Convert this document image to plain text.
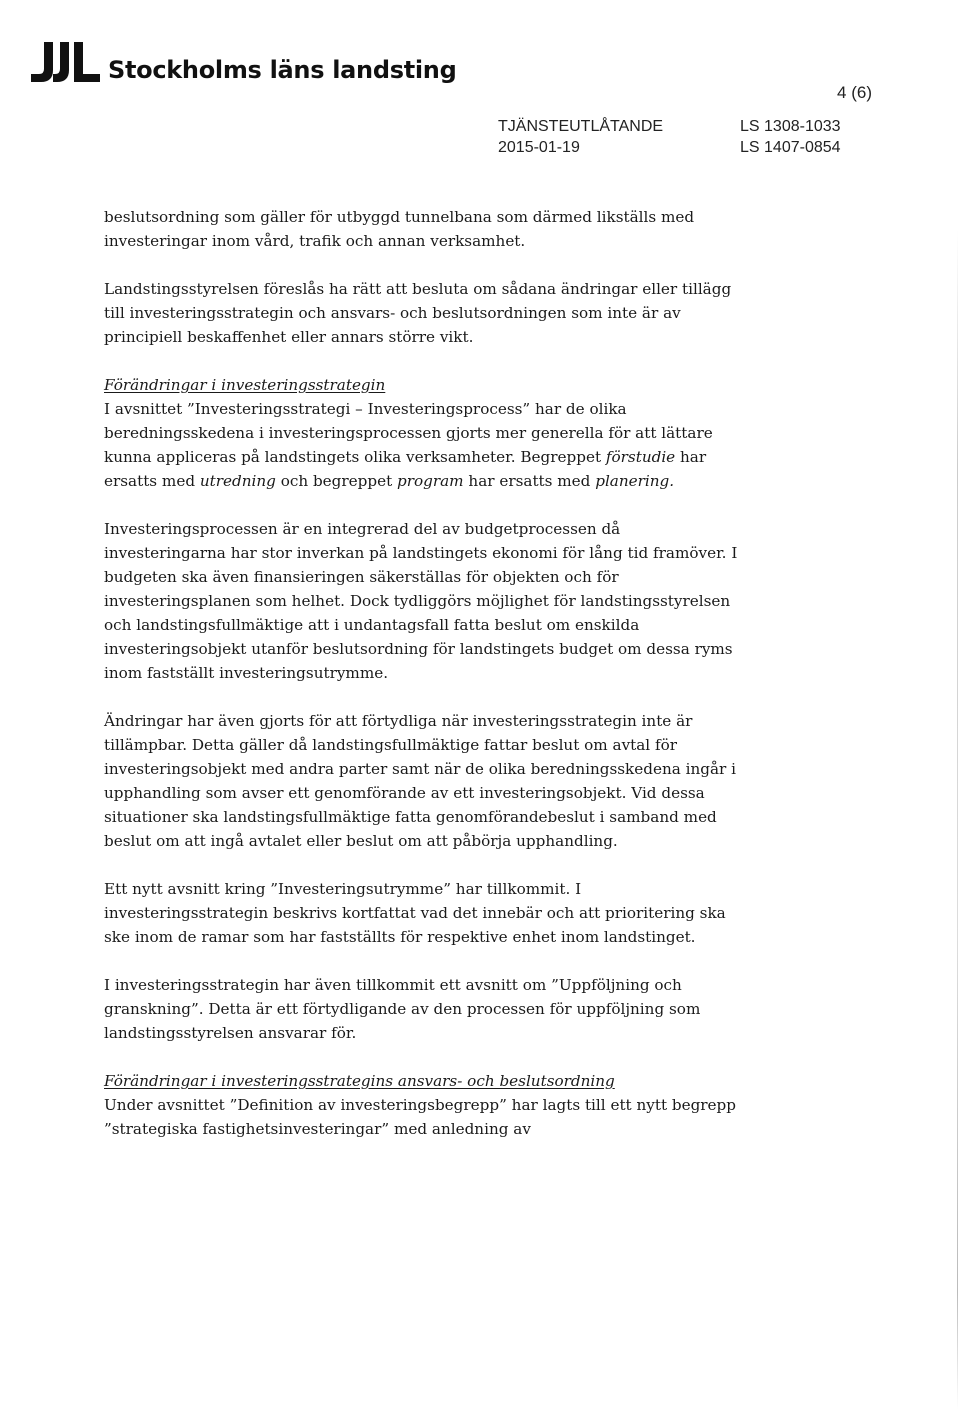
Stockholms läns landsting
4 (6)
TJÄNSTEUTLÅTANDE
2015-01-19
LS 1308-1033
LS 1407-0854

beslutsordning som gäller för utbyggd tunnelbana som därmed likställs med investeringar inom vård, trafik och annan verksamhet.

Landstingsstyrelsen föreslås ha rätt att besluta om sådana ändringar eller tillägg till investeringsstrategin och ansvars- och beslutsordningen som inte är av principiell beskaffenhet eller annars större vikt.

Förändringar i investeringsstrategin
I avsnittet ”Investeringsstrategi – Investeringsprocess” har de olika beredningsskedena i investeringsprocessen gjorts mer generella för att lättare kunna appliceras på landstingets olika verksamheter. Begreppet förstudie har ersatts med utredning och begreppet program har ersatts med planering.

Investeringsprocessen är en integrerad del av budgetprocessen då investeringarna har stor inverkan på landstingets ekonomi för lång tid framöver. I budgeten ska även finansieringen säkerställas för objekten och för investeringsplanen som helhet. Dock tydliggörs möjlighet för landstingsstyrelsen och landstingsfullmäktige att i undantagsfall fatta beslut om enskilda investeringsobjekt utanför beslutsordning för landstingets budget om dessa ryms inom fastställt investeringsutrymme.

Ändringar har även gjorts för att förtydliga när investeringsstrategin inte är tillämpbar. Detta gäller då landstingsfullmäktige fattar beslut om avtal för investeringsobjekt med andra parter samt när de olika beredningsskedena ingår i upphandling som avser ett genomförande av ett investeringsobjekt. Vid dessa situationer ska landstingsfullmäktige fatta genomförandebeslut i samband med beslut om att ingå avtalet eller beslut om att påbörja upphandling.

Ett nytt avsnitt kring ”Investeringsutrymme” har tillkommit. I investeringsstrategin beskrivs kortfattat vad det innebär och att prioritering ska ske inom de ramar som har fastställts för respektive enhet inom landstinget.

I investeringsstrategin har även tillkommit ett avsnitt om ”Uppföljning och granskning”. Detta är ett förtydligande av den processen för uppföljning som landstingsstyrelsen ansvarar för.

Förändringar i investeringsstrategins ansvars- och beslutsordning
Under avsnittet ”Definition av investeringsbegrepp” har lagts till ett nytt begrepp ”strategiska fastighetsinvesteringar” med anledning av
